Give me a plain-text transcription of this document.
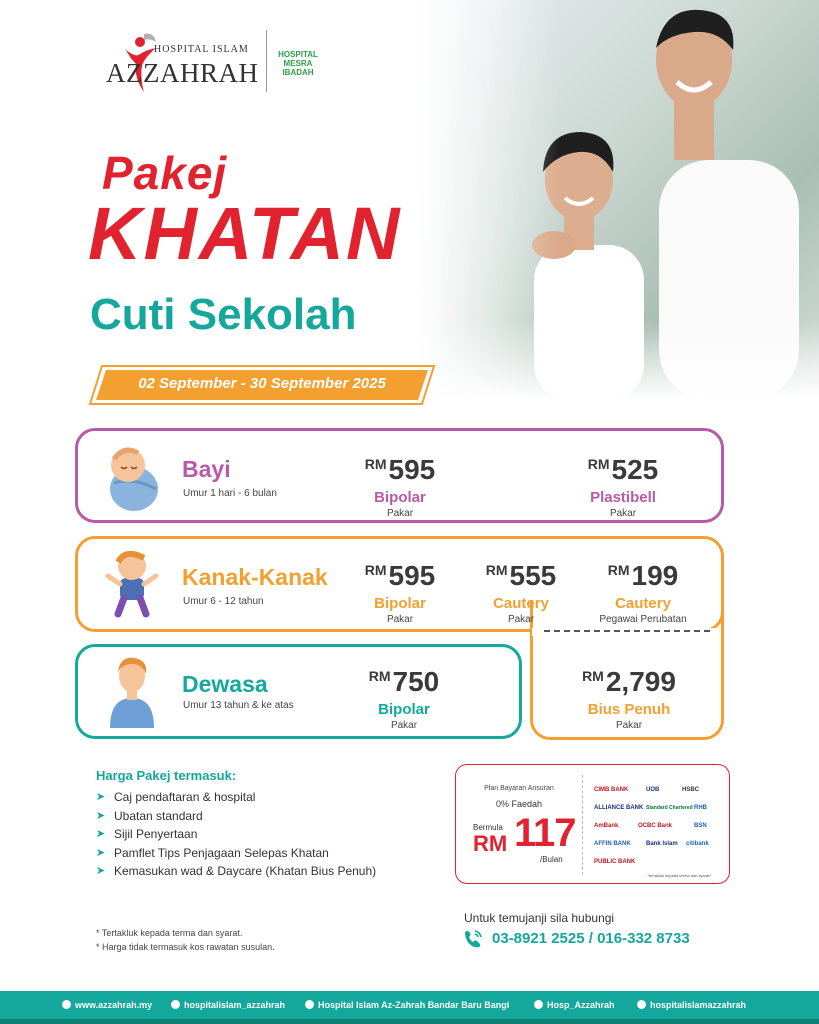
HOSPITAL ISLAM
AZZAHRAH
HOSPITAL MESRA IBADAH
Pakej
KHATAN
Cuti Sekolah
02 September - 30 September 2025
Bayi
Umur 1 hari - 6 bulan
RM595
Bipolar
Pakar
RM525
Plastibell
Pakar
Kanak-Kanak
Umur 6 - 12 tahun
RM595
Bipolar
Pakar
RM555
Cautery
Pakar
RM199
Cautery
Pegawai Perubatan
RM2,799
Bius Penuh
Pakar
Dewasa
Umur 13 tahun & ke atas
RM750
Bipolar
Pakar
Harga Pakej termasuk:
➤ Caj pendaftaran & hospital
➤ Ubatan standard
➤ Sijil Penyertaan
➤ Pamflet Tips Penjagaan Selepas Khatan
➤ Kemasukan wad & Daycare (Khatan Bius Penuh)
* Tertakluk kepada terma dan syarat.
* Harga tidak termasuk kos rawatan susulan.
Plan Bayaran Ansuran
0% Faedah
Bermula
RM 117
/Bulan
CIMB BANK	UOB	HSBC
ALLIANCE BANK Standard Chartered RHB
AmBank	OCBC Bank	BSN
AFFIN BANK	Bank Islam citibank
PUBLIC BANK
*tertakluk kepada terma dan syarat*
Untuk temujanji sila hubungi
03-8921 2525 / 016-332 8733
www.azzahrah.my	hospitalislam_azzahrah	Hospital Islam Az-Zahrah Bandar Baru Bangi	Hosp_Azzahrah	hospitalislamazzahrah
